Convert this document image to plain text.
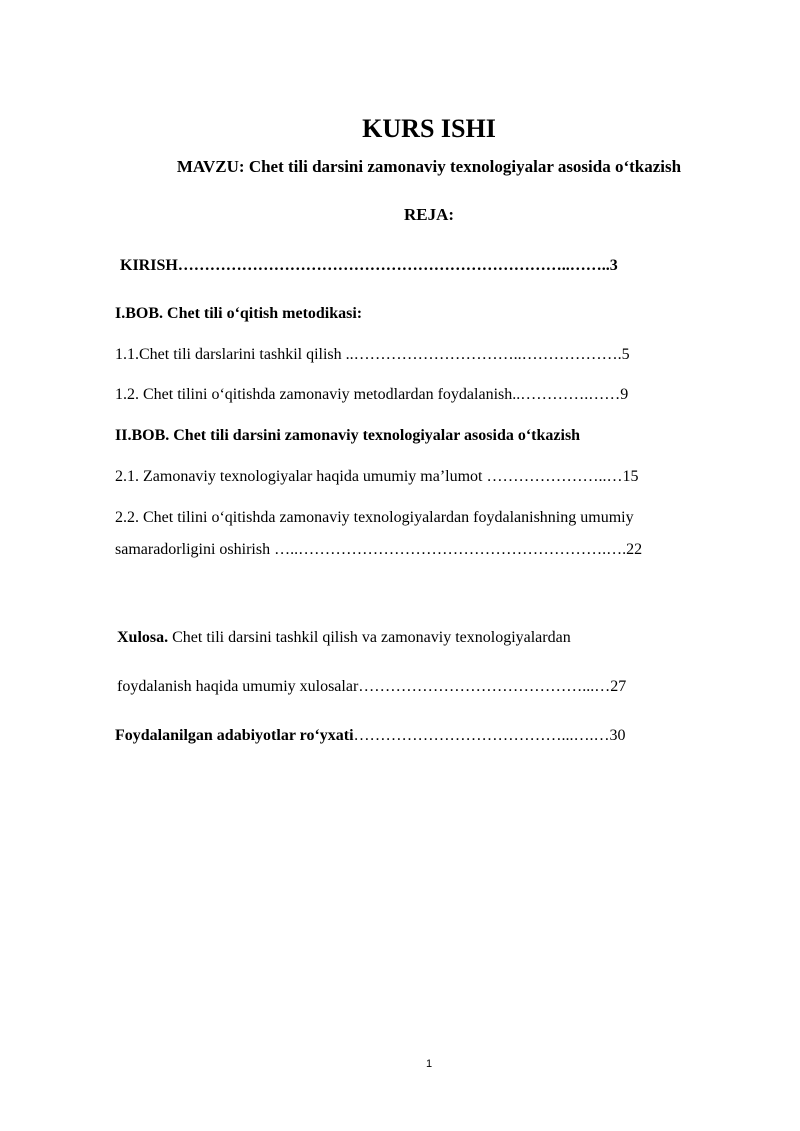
KURS ISHI

MAVZU: Chet tili darsini zamonaviy texnologiyalar asosida o‘tkazish

REJA:

KIRISH………………………………………………………………..……..3

I.BOB. Chet tili o‘qitish metodikasi:

1.1.Chet tili darslarini tashkil qilish ..…………………………..……………….5

1.2. Chet tilini o‘qitishda zamonaviy metodlardan foydalanish..………….……9

II.BOB. Chet tili darsini zamonaviy texnologiyalar asosida o‘tkazish

2.1. Zamonaviy texnologiyalar haqida umumiy ma’lumot …………………..…15

2.2. Chet tilini o‘qitishda zamonaviy texnologiyalardan foydalanishning umumiy

samaradorligini oshirish …..………………………………………………….….22

Xulosa. Chet tili darsini tashkil qilish va zamonaviy texnologiyalardan

foydalanish haqida umumiy xulosalar……………………………………...…27

Foydalanilgan adabiyotlar ro‘yxati…………………………………...….…30

1
